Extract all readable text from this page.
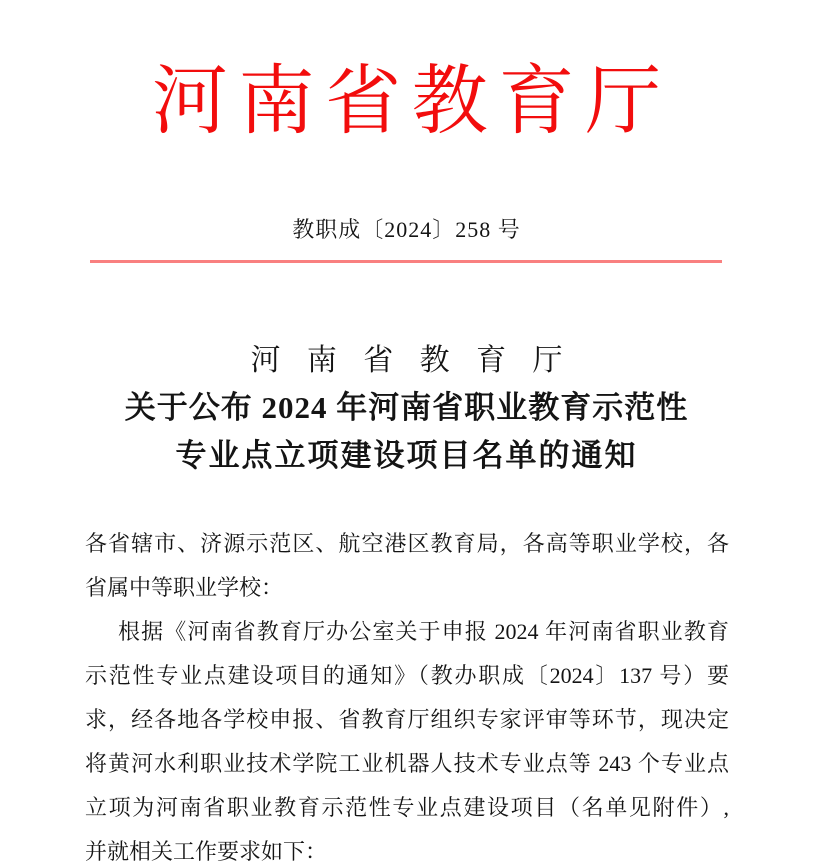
河南省教育厅
教职成〔2024〕258 号
河南省教育厅
关于公布 2024 年河南省职业教育示范性
专业点立项建设项目名单的通知
各省辖市、济源示范区、航空港区教育局，各高等职业学校，各
省属中等职业学校：
根据《河南省教育厅办公室关于申报 2024 年河南省职业教育
示范性专业点建设项目的通知》（教办职成〔2024〕137 号）要
求，经各地各学校申报、省教育厅组织专家评审等环节，现决定
将黄河水利职业技术学院工业机器人技术专业点等 243 个专业点
立项为河南省职业教育示范性专业点建设项目（名单见附件）,
并就相关工作要求如下：
